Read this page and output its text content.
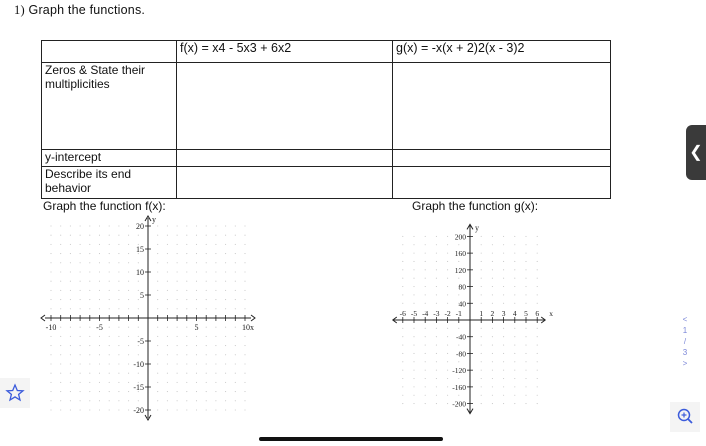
1) Graph the functions.
	f(x) = x4 - 5x3 + 6x2	g(x) = -x(x + 2)2(x - 3)2
Zeros & State their multiplicities		
y-intercept		
Describe its end behavior		
Graph the function f(x):	Graph the function g(x):
-10	-5	5	10x
20
15
10
5
-5
-10
-15
-20
y
-6 -5 -4 -3 -2 -1 1 2 3 4 5 6 x
200
160
120
80
40
-40
-80
-120
-160
-200
y
❮
<
1
/
3
>
